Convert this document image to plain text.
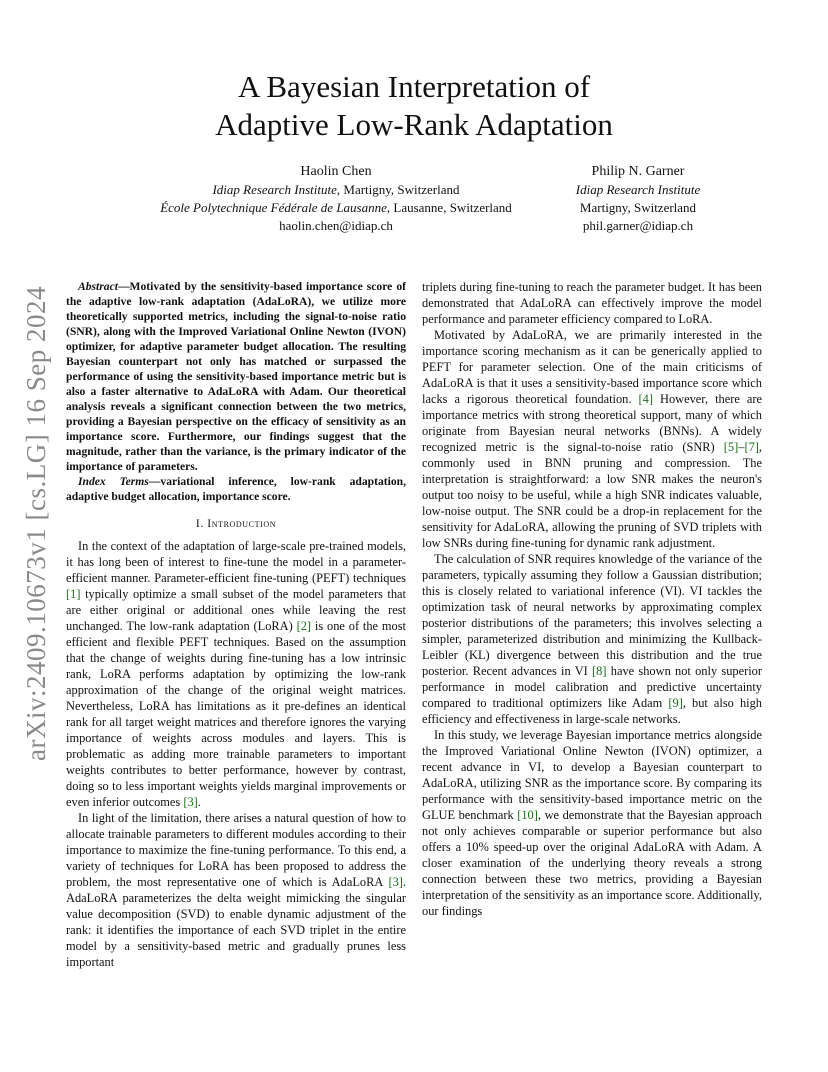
arXiv:2409.10673v1 [cs.LG] 16 Sep 2024
A Bayesian Interpretation of
Adaptive Low-Rank Adaptation
Haolin Chen
Idiap Research Institute, Martigny, Switzerland
École Polytechnique Fédérale de Lausanne, Lausanne, Switzerland
haolin.chen@idiap.ch
Philip N. Garner
Idiap Research Institute
Martigny, Switzerland
phil.garner@idiap.ch

Abstract—Motivated by the sensitivity-based importance score of the adaptive low-rank adaptation (AdaLoRA), we utilize more theoretically supported metrics, including the signal-to-noise ratio (SNR), along with the Improved Variational Online Newton (IVON) optimizer, for adaptive parameter budget allocation. The resulting Bayesian counterpart not only has matched or surpassed the performance of using the sensitivity-based importance metric but is also a faster alternative to AdaLoRA with Adam. Our theoretical analysis reveals a significant connection between the two metrics, providing a Bayesian perspective on the efficacy of sensitivity as an importance score. Furthermore, our findings suggest that the magnitude, rather than the variance, is the primary indicator of the importance of parameters.

Index Terms—variational inference, low-rank adaptation, adaptive budget allocation, importance score.

I. Introduction

In the context of the adaptation of large-scale pre-trained models, it has long been of interest to fine-tune the model in a parameter-efficient manner. Parameter-efficient fine-tuning (PEFT) techniques [1] typically optimize a small subset of the model parameters that are either original or additional ones while leaving the rest unchanged. The low-rank adaptation (LoRA) [2] is one of the most efficient and flexible PEFT techniques. Based on the assumption that the change of weights during fine-tuning has a low intrinsic rank, LoRA performs adaptation by optimizing the low-rank approximation of the change of the original weight matrices. Nevertheless, LoRA has limitations as it pre-defines an identical rank for all target weight matrices and therefore ignores the varying importance of weights across modules and layers. This is problematic as adding more trainable parameters to important weights contributes to better performance, however by contrast, doing so to less important weights yields marginal improvements or even inferior outcomes [3].

In light of the limitation, there arises a natural question of how to allocate trainable parameters to different modules according to their importance to maximize the fine-tuning performance. To this end, a variety of techniques for LoRA has been proposed to address the problem, the most representative one of which is AdaLoRA [3]. AdaLoRA parameterizes the delta weight mimicking the singular value decomposition (SVD) to enable dynamic adjustment of the rank: it identifies the importance of each SVD triplet in the entire model by a sensitivity-based metric and gradually prunes less important

triplets during fine-tuning to reach the parameter budget. It has been demonstrated that AdaLoRA can effectively improve the model performance and parameter efficiency compared to LoRA.

Motivated by AdaLoRA, we are primarily interested in the importance scoring mechanism as it can be generically applied to PEFT for parameter selection. One of the main criticisms of AdaLoRA is that it uses a sensitivity-based importance score which lacks a rigorous theoretical foundation. [4] However, there are importance metrics with strong theoretical support, many of which originate from Bayesian neural networks (BNNs). A widely recognized metric is the signal-to-noise ratio (SNR) [5]–[7], commonly used in BNN pruning and compression. The interpretation is straightforward: a low SNR makes the neuron's output too noisy to be useful, while a high SNR indicates valuable, low-noise output. The SNR could be a drop-in replacement for the sensitivity for AdaLoRA, allowing the pruning of SVD triplets with low SNRs during fine-tuning for dynamic rank adjustment.

The calculation of SNR requires knowledge of the variance of the parameters, typically assuming they follow a Gaussian distribution; this is closely related to variational inference (VI). VI tackles the optimization task of neural networks by approximating complex posterior distributions of the parameters; this involves selecting a simpler, parameterized distribution and minimizing the Kullback-Leibler (KL) divergence between this distribution and the true posterior. Recent advances in VI [8] have shown not only superior performance in model calibration and predictive uncertainty compared to traditional optimizers like Adam [9], but also high efficiency and effectiveness in large-scale networks.

In this study, we leverage Bayesian importance metrics alongside the Improved Variational Online Newton (IVON) optimizer, a recent advance in VI, to develop a Bayesian counterpart to AdaLoRA, utilizing SNR as the importance score. By comparing its performance with the sensitivity-based importance metric on the GLUE benchmark [10], we demonstrate that the Bayesian approach not only achieves comparable or superior performance but also offers a 10% speed-up over the original AdaLoRA with Adam. A closer examination of the underlying theory reveals a strong connection between these two metrics, providing a Bayesian interpretation of the sensitivity as an importance score. Additionally, our findings
